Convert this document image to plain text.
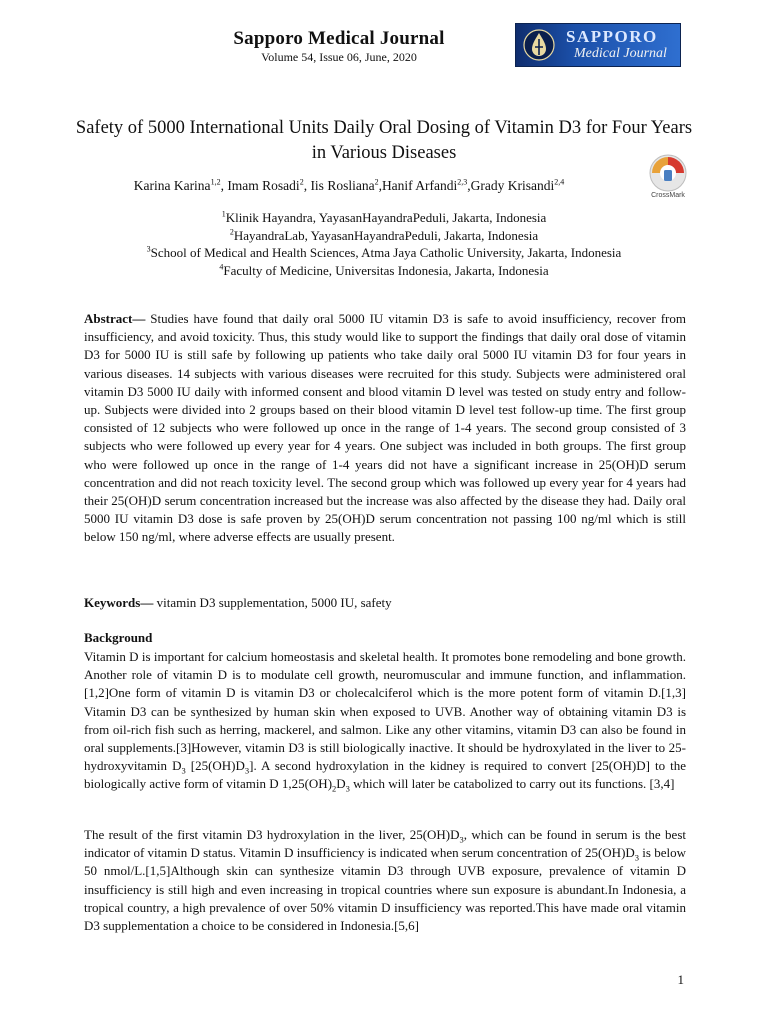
Sapporo Medical Journal
Volume 54, Issue 06, June, 2020
SAPPORO
Medical Journal
Safety of 5000 International Units Daily Oral Dosing of Vitamin D3 for Four Years in Various Diseases
Karina Karina$^{1,2}$, Imam Rosadi$^2$, Iis Rosliana$^2$,Hanif Arfandi$^{2,3}$,Grady Krisandi$^{2,4}$
CrossMark
$^1$Klinik Hayandra, YayasanHayandraPeduli, Jakarta, Indonesia
$^2$HayandraLab, YayasanHayandraPeduli, Jakarta, Indonesia
$^3$School of Medical and Health Sciences, Atma Jaya Catholic University, Jakarta, Indonesia
$^4$Faculty of Medicine, Universitas Indonesia, Jakarta, Indonesia
Abstract— Studies have found that daily oral 5000 IU vitamin D3 is safe to avoid insufficiency, recover from insufficiency, and avoid toxicity. Thus, this study would like to support the findings that daily oral dose of vitamin D3 for 5000 IU is still safe by following up patients who take daily oral 5000 IU vitamin D3 for four years in various diseases. 14 subjects with various diseases were recruited for this study. Subjects were administered oral vitamin D3 5000 IU daily with informed consent and blood vitamin D level was tested on study entry and follow-up. Subjects were divided into 2 groups based on their blood vitamin D level test follow-up time. The first group consisted of 12 subjects who were followed up once in the range of 1-4 years. The second group consisted of 3 subjects who were followed up every year for 4 years. One subject was included in both groups. The first group who were followed up once in the range of 1-4 years did not have a significant increase in 25(OH)D serum concentration and did not reach toxicity level. The second group which was followed up every year for 4 years had their 25(OH)D serum concentration increased but the increase was also affected by the disease they had. Daily oral 5000 IU vitamin D3 dose is safe proven by 25(OH)D serum concentration not passing 100 ng/ml which is still below 150 ng/ml, where adverse effects are usually present.
Keywords— vitamin D3 supplementation, 5000 IU, safety
Background
Vitamin D is important for calcium homeostasis and skeletal health. It promotes bone remodeling and bone growth. Another role of vitamin D is to modulate cell growth, neuromuscular and immune function, and inflammation. [1,2]One form of vitamin D is vitamin D3 or cholecalciferol which is the more potent form of vitamin D.[1,3] Vitamin D3 can be synthesized by human skin when exposed to UVB. Another way of obtaining vitamin D3 is from oil-rich fish such as herring, mackerel, and salmon. Like any other vitamins, vitamin D3 can also be found in oral supplements.[3]However, vitamin D3 is still biologically inactive. It should be hydroxylated in the liver to 25-hydroxyvitamin $D_3$ $[25(OH)D_3]$. A second hydroxylation in the kidney is required to convert [25(OH)D] to the biologically active form of vitamin D $1,25(OH)_2D_3$ which will later be catabolized to carry out its functions. [3,4]
The result of the first vitamin D3 hydroxylation in the liver, $25(OH)D_3$, which can be found in serum is the best indicator of vitamin D status. Vitamin D insufficiency is indicated when serum concentration of $25(OH)D_3$ is below 50 nmol/L.[1,5]Although skin can synthesize vitamin D3 through UVB exposure, prevalence of vitamin D insufficiency is still high and even increasing in tropical countries where sun exposure is abundant.In Indonesia, a tropical country, a high prevalence of over 50% vitamin D insufficiency was reported.This have made oral vitamin D3 supplementation a choice to be considered in Indonesia.[5,6]
1
